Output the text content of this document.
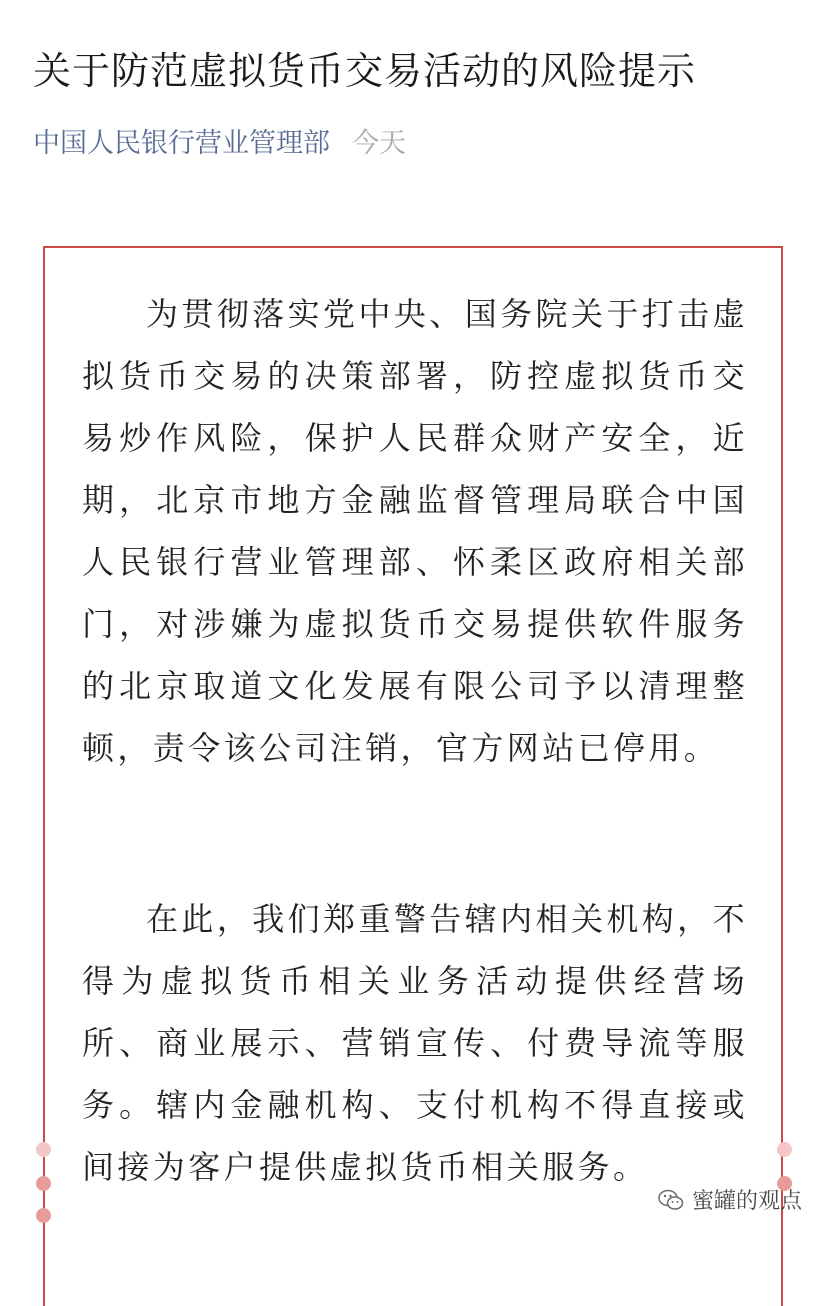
关于防范虚拟货币交易活动的风险提示
中国人民银行营业管理部 今天

为贯彻落实党中央、国务院关于打击虚拟货币交易的决策部署，防控虚拟货币交易炒作风险，保护人民群众财产安全，近期，北京市地方金融监督管理局联合中国人民银行营业管理部、怀柔区政府相关部门，对涉嫌为虚拟货币交易提供软件服务的北京取道文化发展有限公司予以清理整顿，责令该公司注销，官方网站已停用。

在此，我们郑重警告辖内相关机构，不得为虚拟货币相关业务活动提供经营场所、商业展示、营销宣传、付费导流等服务。辖内金融机构、支付机构不得直接或间接为客户提供虚拟货币相关服务。

蜜罐的观点
